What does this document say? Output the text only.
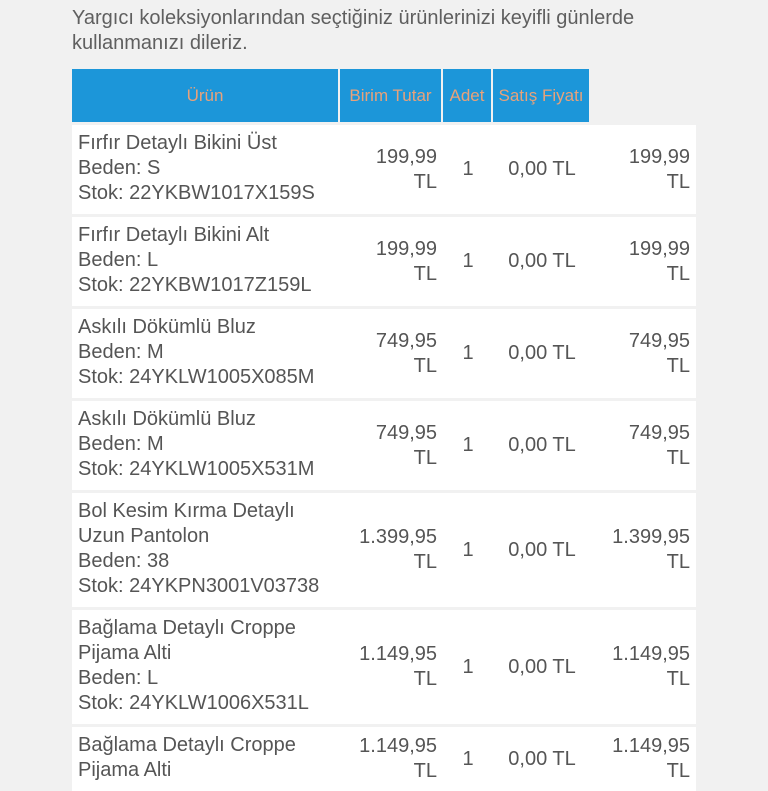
Yargıcı koleksiyonlarından seçtiğiniz ürünlerinizi keyifli günlerde kullanmanızı dileriz.

Ürün	Birim Tutar	Adet	Satış Fiyatı	

Fırfır Detaylı Bikini Üst
Beden: S
Stok: 22YKBW1017X159S	199,99
TL	1	0,00 TL	199,99
TL

Fırfır Detaylı Bikini Alt
Beden: L
Stok: 22YKBW1017Z159L	199,99
TL	1	0,00 TL	199,99
TL

Askılı Dökümlü Bluz
Beden: M
Stok: 24YKLW1005X085M	749,95
TL	1	0,00 TL	749,95
TL

Askılı Dökümlü Bluz
Beden: M
Stok: 24YKLW1005X531M	749,95
TL	1	0,00 TL	749,95
TL

Bol Kesim Kırma Detaylı
Uzun Pantolon
Beden: 38
Stok: 24YKPN3001V03738	1.399,95
TL	1	0,00 TL	1.399,95
TL

Bağlama Detaylı Croppe
Pijama Alti
Beden: L
Stok: 24YKLW1006X531L	1.149,95
TL	1	0,00 TL	1.149,95
TL

Bağlama Detaylı Croppe
Pijama Alti	1.149,95
TL	1	0,00 TL	1.149,95
TL
